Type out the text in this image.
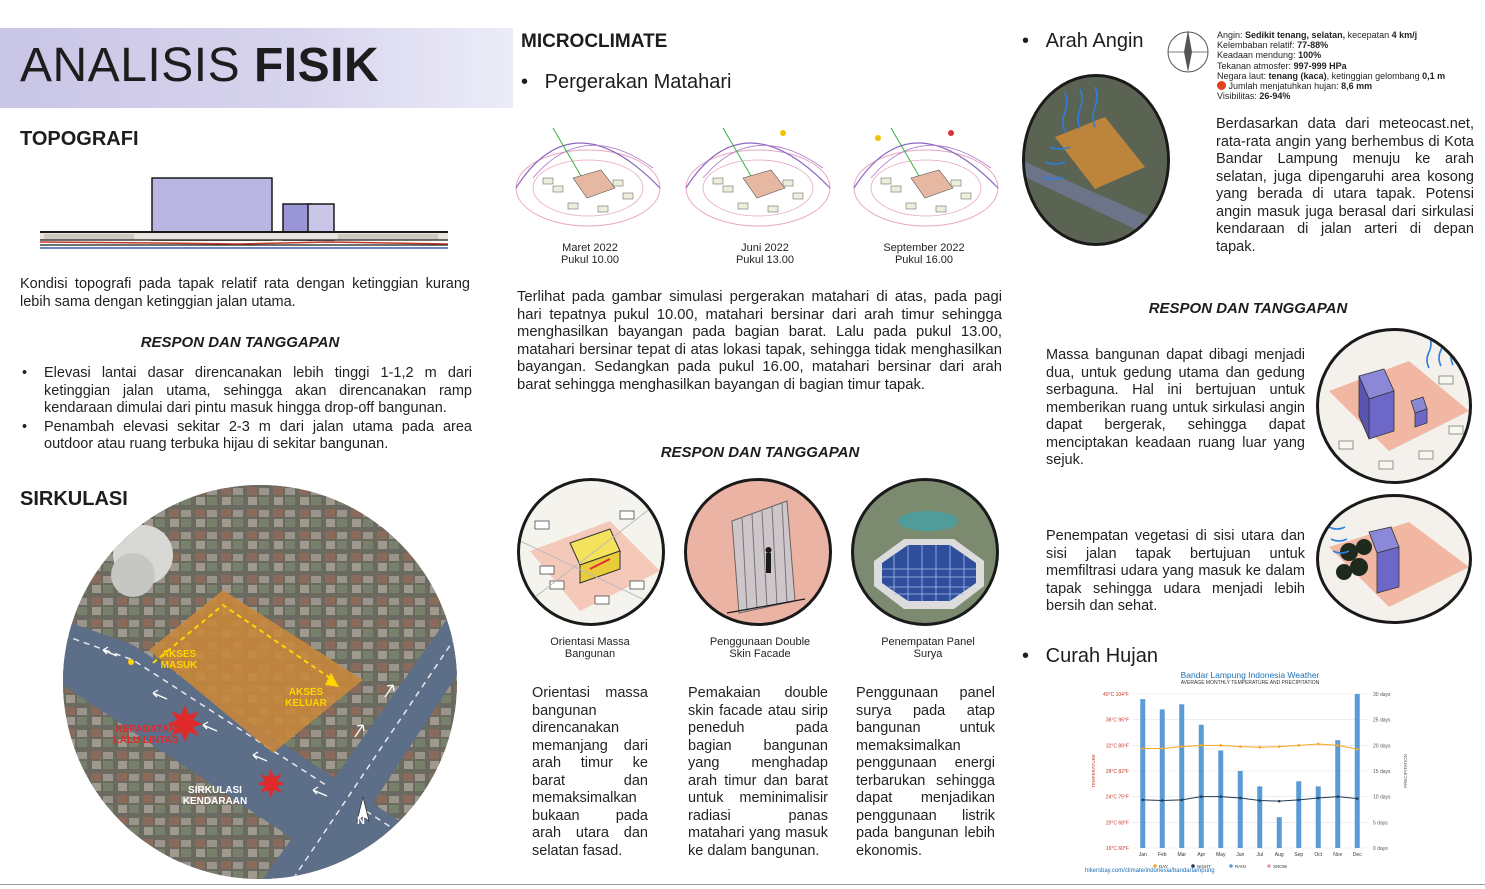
ANALISIS FISIK
TOPOGRAFI
Kondisi topografi pada tapak relatif rata dengan ketinggian kurang lebih sama dengan ketinggian jalan utama.
RESPON DAN TANGGAPAN
• Elevasi lantai dasar direncanakan lebih tinggi 1-1,2 m dari ketinggian jalan utama, sehingga akan direncanakan ramp kendaraan dimulai dari pintu masuk hingga drop-off bangunan.
• Penambah elevasi sekitar 2-3 m dari jalan utama pada area outdoor atau ruang terbuka hijau di sekitar bangunan.
SIRKULASI
AKSES MASUK
AKSES KELUAR
KEPADATAN LALU LINTAS
SIRKULASI KENDARAAN
N
MICROCLIMATE
•   Pergerakan Matahari
Maret 2022
Pukul 10.00
Juni 2022
Pukul 13.00
September 2022
Pukul 16.00
Terlihat pada gambar simulasi pergerakan matahari di atas, pada pagi hari tepatnya pukul 10.00, matahari bersinar dari arah timur sehingga menghasilkan bayangan pada bagian barat. Lalu pada pukul 13.00, matahari bersinar tepat di atas lokasi tapak, sehingga tidak menghasilkan bayangan. Sedangkan pada pukul 16.00, matahari bersinar dari arah barat sehingga menghasilkan bayangan di bagian timur tapak.
RESPON DAN TANGGAPAN
Orientasi Massa Bangunan
Penggunaan Double Skin Facade
Penempatan Panel Surya
Orientasi massa bangunan direncanakan memanjang dari arah timur ke barat dan memaksimalkan bukaan pada arah utara dan selatan fasad.
Pemakaian double skin facade atau sirip peneduh pada bagian bangunan yang menghadap arah timur dan barat untuk meminimalisir radiasi panas matahari yang masuk ke dalam bangunan.
Penggunaan panel surya pada atap bangunan untuk memaksimalkan penggunaan energi terbarukan sehingga dapat menjadikan penggunaan listrik pada bangunan lebih ekonomis.
•   Arah Angin	Angin: Sedikit tenang, selatan, kecepatan 4 km/j
Kelembaban relatif: 77-88%
Keadaan mendung: 100%
Tekanan atmosfer: 997-999 HPa
Negara laut: tenang (kaca), ketinggian gelombang 0,1 m
Jumlah menjatuhkan hujan: 8,6 mm
Visibilitas: 26-94%
Berdasarkan data dari meteocast.net, rata-rata angin yang berhembus di Kota Bandar Lampung menuju ke arah selatan, juga dipengaruhi area kosong yang berada di utara tapak. Potensi angin masuk juga berasal dari sirkulasi kendaraan di jalan arteri di depan tapak.
RESPON DAN TANGGAPAN
Massa bangunan dapat dibagi menjadi dua, untuk gedung utama dan gedung serbaguna. Hal ini bertujuan untuk memberikan ruang untuk sirkulasi angin dapat bergerak, sehingga dapat menciptakan keadaan ruang luar yang sejuk.
Penempatan vegetasi di sisi utara dan sisi jalan tapak bertujuan untuk memfiltrasi udara yang masuk ke dalam tapak sehingga udara menjadi lebih bersih dan sehat.
•   Curah Hujan
Bandar Lampung Indonesia Weather
AVERAGE MONTHLY TEMPERATURE AND PRECIPITATION
40°C 104°F
36°C 96°F
32°C 89°F
28°C 82°F
24°C 75°F
20°C 68°F
16°C 60°F
30 days
25 days
20 days
15 days
10 days
5 days
0 days
TEMPERATURE	PRECIPITATION
Jan Feb Mar Apr May Jun Jul Aug Sep Oct Nov Dec
DAY	NIGHT	RAIN	SNOW
hikersbay.com/climate/indonesia/bandarlampung
